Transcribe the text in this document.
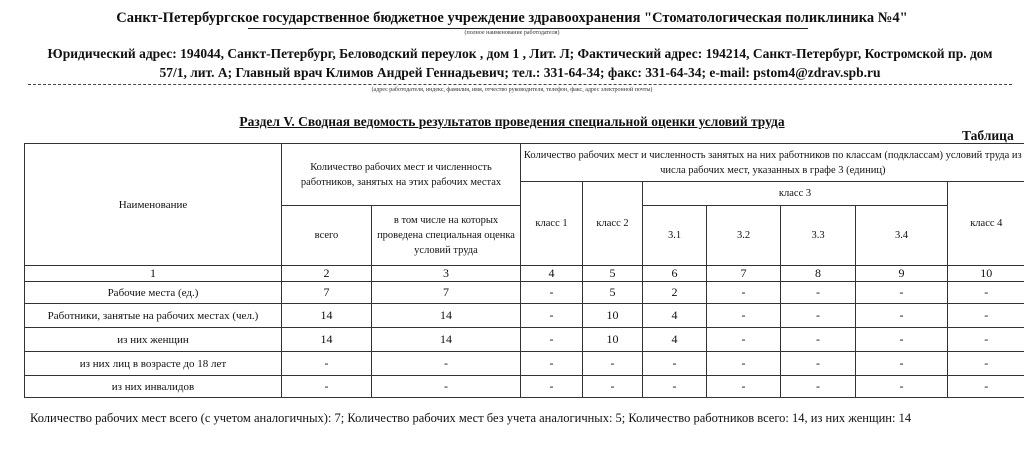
Санкт-Петербургское государственное бюджетное учреждение здравоохранения "Стоматологическая поликлиника №4"
(полное наименование работодателя)
Юридический адрес: 194044, Санкт-Петербург, Беловодский переулок , дом 1 , Лит. Л; Фактический адрес: 194214, Санкт-Петербург, Костромской пр. дом
57/1, лит. А; Главный врач Климов Андрей Геннадьевич; тел.: 331-64-34; факс: 331-64-34; e-mail: pstom4@zdrav.spb.ru
(адрес работодателя, индекс, фамилия, имя, отчество руководителя, телефон, факс, адрес электронной почты)
Раздел V. Сводная ведомость результатов проведения специальной оценки условий труда
Таблица
Наименование	Количество рабочих мест и численность работников, занятых на этих рабочих местах		Количество рабочих мест и численность занятых на них работников по классам (подклассам) условий труда из числа рабочих мест, указанных в графе 3 (единиц)						
			класс 1	класс 2	класс 3				класс 4
	всего	в том числе на которых проведена специальная оценка условий труда			3.1	3.2	3.3	3.4	
1	2	3	4	5	6	7	8	9	10
Рабочие места (ед.)	7	7	-	5	2	-	-	-	-
Работники, занятые на рабочих местах (чел.)	14	14	-	10	4	-	-	-	-
из них женщин	14	14	-	10	4	-	-	-	-
из них лиц в возрасте до 18 лет	-	-	-	-	-	-	-	-	-
из них инвалидов	-	-	-	-	-	-	-	-	-
Количество рабочих мест всего (с учетом аналогичных): 7; Количество рабочих мест без учета аналогичных: 5; Количество работников всего: 14, из них женщин: 14
